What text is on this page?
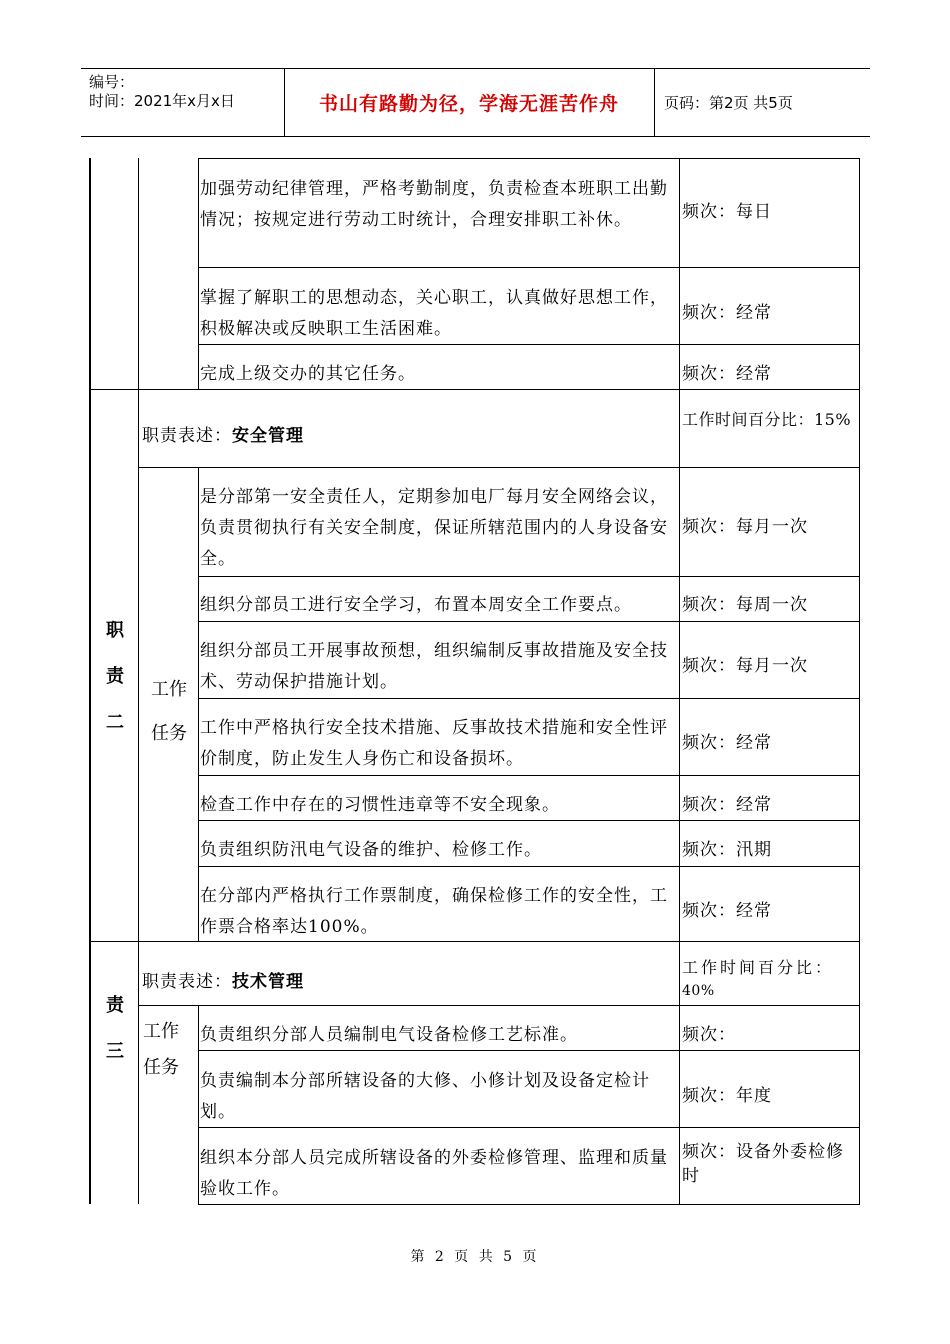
编号：
时间：2021年x月x日	书山有路勤为径，学海无涯苦作舟	页码：第2页 共5页
加强劳动纪律管理，严格考勤制度，负责检查本班职工出勤情况；按规定进行劳动工时统计，合理安排职工补休。	频次：每日
掌握了解职工的思想动态，关心职工，认真做好思想工作，积极解决或反映职工生活困难。
频次：经常
完成上级交办的其它任务。	频次：经常
职
责
二
职责表述：安全管理
工作时间百分比：15%
工作
任务
是分部第一安全责任人，定期参加电厂每月安全网络会议，负责贯彻执行有关安全制度，保证所辖范围内的人身设备安全。
频次：每月一次
组织分部员工进行安全学习，布置本周安全工作要点。	频次：每周一次
组织分部员工开展事故预想，组织编制反事故措施及安全技术、劳动保护措施计划。
频次：每月一次
工作中严格执行安全技术措施、反事故技术措施和安全性评价制度，防止发生人身伤亡和设备损坏。
频次：经常
检查工作中存在的习惯性违章等不安全现象。	频次：经常
负责组织防汛电气设备的维护、检修工作。	频次：汛期
在分部内严格执行工作票制度，确保检修工作的安全性，工作票合格率达100%。
频次：经常
责
三
职责表述：技术管理
工作时间百分比：
40%
工作
任务
负责组织分部人员编制电气设备检修工艺标准。	频次：
负责编制本分部所辖设备的大修、小修计划及设备定检计划。
频次：年度
组织本分部人员完成所辖设备的外委检修管理、监理和质量验收工作。
频次：设备外委检修时
第 2 页 共 5 页
